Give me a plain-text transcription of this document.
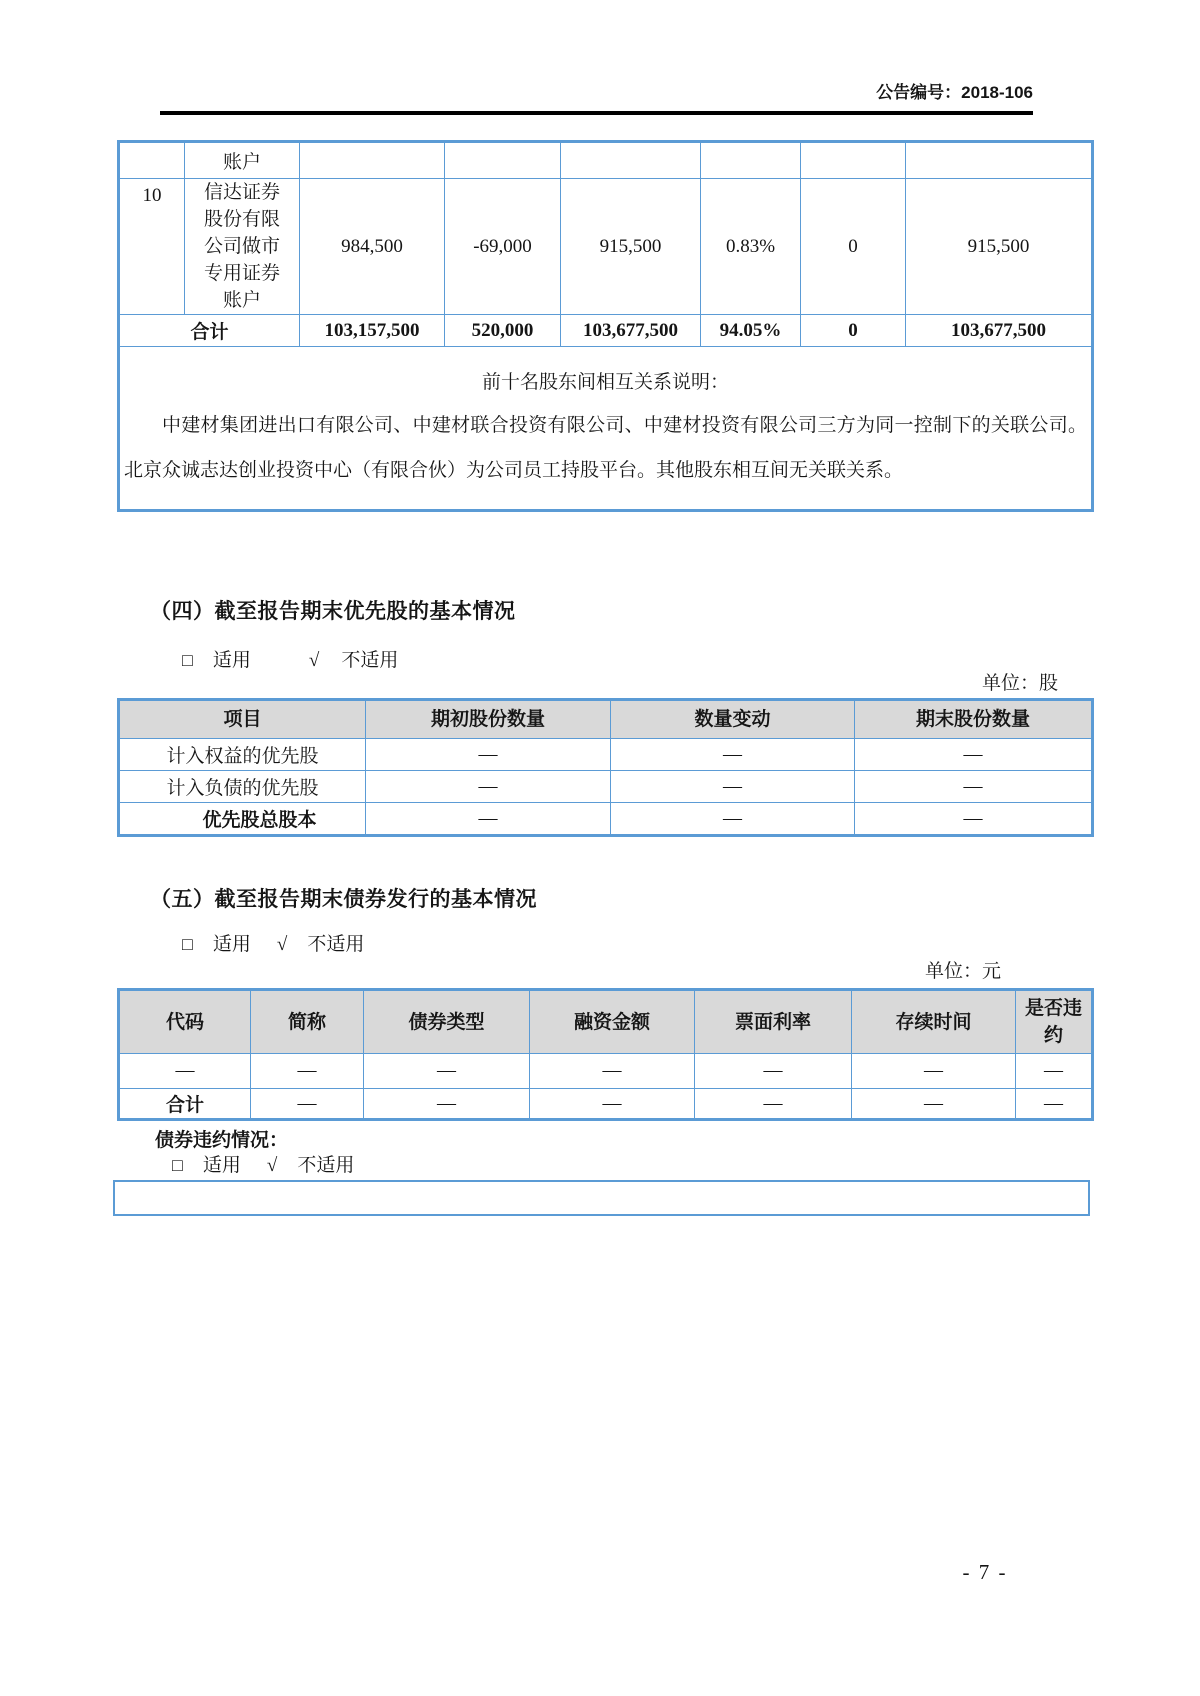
公告编号：2018-106
	账户						
10	信达证券股份有限公司做市专用证券账户	984,500	-69,000	915,500	0.83%	0	915,500
合计		103,157,500	520,000	103,677,500	94.05%	0	103,677,500

前十名股东间相互关系说明：

中建材集团进出口有限公司、中建材联合投资有限公司、中建材投资有限公司三方为同一控制下的关联公司。北京众诚志达创业投资中心（有限合伙）为公司员工持股平台。其他股东相互间无关联关系。							

（四）截至报告期末优先股的基本情况
□ 适用	√ 不适用
单位：股
项目	期初股份数量	数量变动	期末股份数量
计入权益的优先股	—	—	—
计入负债的优先股	—	—	—
优先股总股本	—	—	—
（五）截至报告期末债券发行的基本情况
□ 适用 √ 不适用
单位：元
代码	简称	债券类型	融资金额	票面利率	存续时间	是否违约
—	—	—	—	—	—	—
合计	—	—	—	—	—	—
债券违约情况：
□ 适用 √ 不适用
- 7 -
